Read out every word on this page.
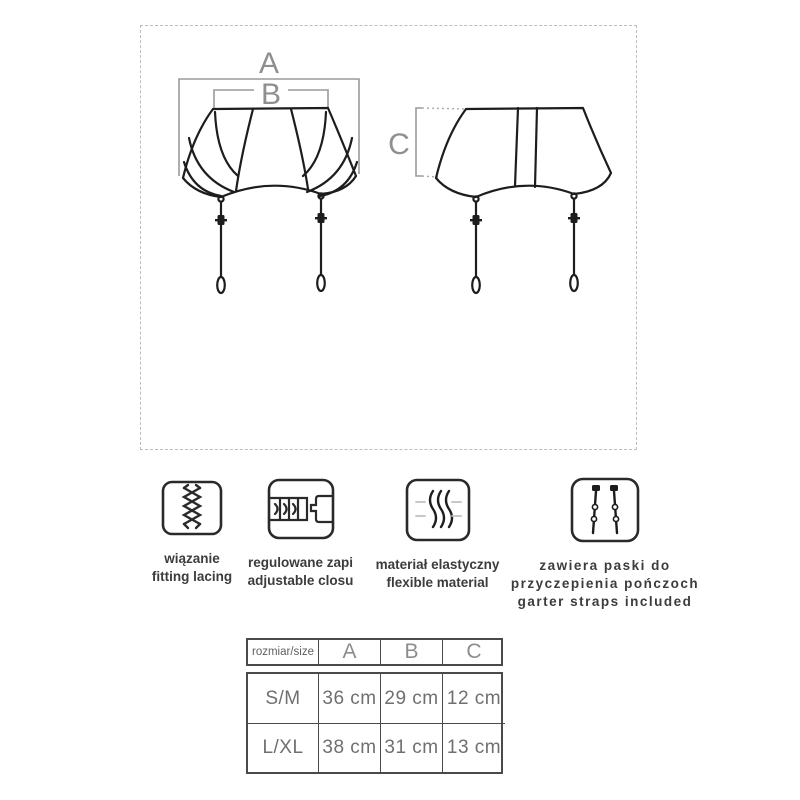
A
B
C
wiązanie
fitting lacing
regulowane zapi
adjustable closu
materiał elastyczny
flexible material
zawiera paski do
przyczepienia pończoch
garter straps included
rozmiar/size	A	B	C
S/M	36 cm 29 cm 12 cm
L/XL 38 cm 31 cm 13 cm
